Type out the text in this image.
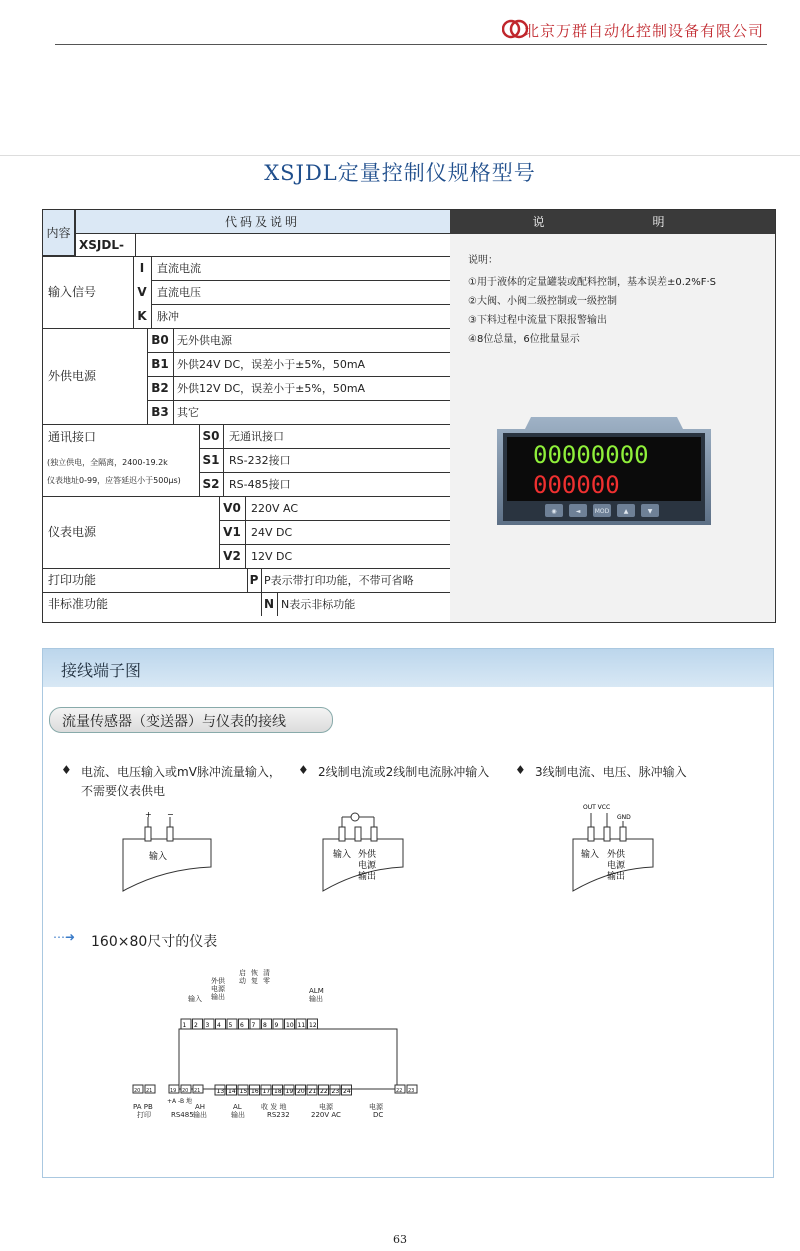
北京万群自动化控制设备有限公司
XSJDL定量控制仪规格型号
内容
代码及说明
XSJDL-
输入信号
I	直流电流
V 直流电压
K 脉冲
外供电源
B0 无外供电源
B1 外供24V DC，误差小于±5%，50mA
B2 外供12V DC，误差小于±5%，50mA
B3 其它
通讯接口
(独立供电，全隔离，2400-19.2k
仪表地址0-99，应答延迟小于500μs)
S0 无通讯接口
S1 RS-232接口
S2 RS-485接口
仪表电源
V0 220V AC
V1 24V DC
V2 12V DC
打印功能	P P表示带打印功能，不带可省略
非标准功能	N N表示非标功能
说　　明
说明：
①用于液体的定量罐装或配料控制，基本误差±0.2%F·S
②大阀、小阀二级控制或一级控制
③下料过程中流量下限报警输出
④8位总量，6位批量显示
00000000
000000
◉	◄ MOD ▲	▼
接线端子图
流量传感器（变送器）与仪表的接线
♦ 电流、电压输入或mV脉冲流量输入，
不需要仪表供电
♦ 2线制电流或2线制电流脉冲输入 ♦ 3线制电流、电压、脉冲输入
+ −
输入	输入 外供
电源
输出
OUT VCC
GND
输入 外供
电源
输出
⋯➜ 160×80尺寸的仪表
1 2 3 4 5 6 7 8 9 10 11 12
13 14 15 16 17 18 19 20 21 22 23 24
输入
外供
电源
输出
启
动
恢
复
清
零
ALM
输出
AH
输出
AL
输出
收 发 地
RS232
电源
220V AC
电源
DC
20 21
PA PB
打印
19 20 21
+A -B 地
RS485
22 23
63
